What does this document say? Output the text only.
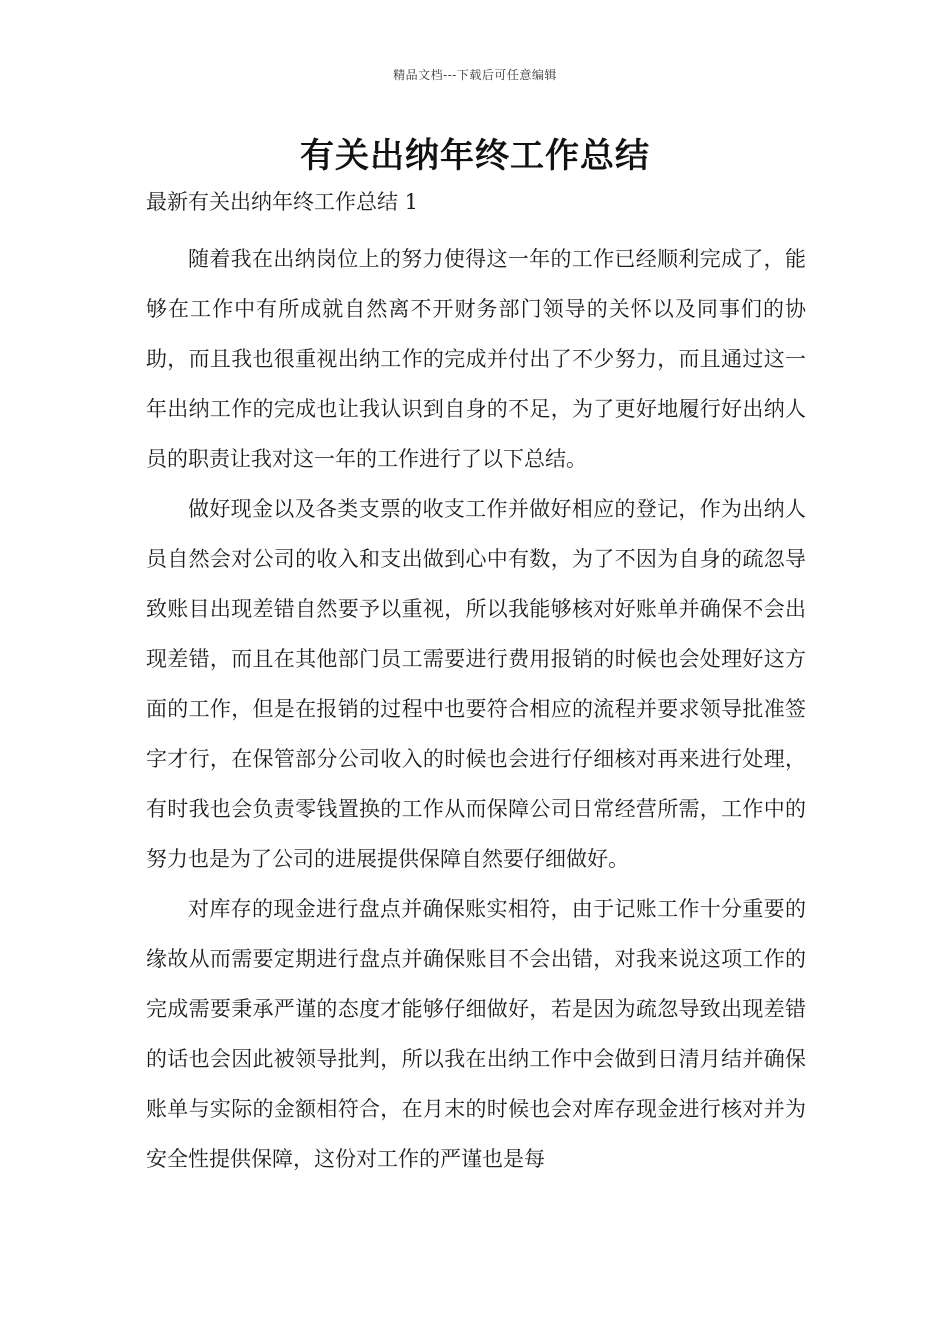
精品文档---下载后可任意编辑
有关出纳年终工作总结

最新有关出纳年终工作总结 1

随着我在出纳岗位上的努力使得这一年的工作已经顺利完成了，能够在工作中有所成就自然离不开财务部门领导的关怀以及同事们的协助，而且我也很重视出纳工作的完成并付出了不少努力，而且通过这一年出纳工作的完成也让我认识到自身的不足，为了更好地履行好出纳人员的职责让我对这一年的工作进行了以下总结。

做好现金以及各类支票的收支工作并做好相应的登记，作为出纳人员自然会对公司的收入和支出做到心中有数，为了不因为自身的疏忽导致账目出现差错自然要予以重视，所以我能够核对好账单并确保不会出现差错，而且在其他部门员工需要进行费用报销的时候也会处理好这方面的工作，但是在报销的过程中也要符合相应的流程并要求领导批准签字才行，在保管部分公司收入的时候也会进行仔细核对再来进行处理，有时我也会负责零钱置换的工作从而保障公司日常经营所需，工作中的努力也是为了公司的进展提供保障自然要仔细做好。

对库存的现金进行盘点并确保账实相符，由于记账工作十分重要的缘故从而需要定期进行盘点并确保账目不会出错，对我来说这项工作的完成需要秉承严谨的态度才能够仔细做好，若是因为疏忽导致出现差错的话也会因此被领导批判，所以我在出纳工作中会做到日清月结并确保账单与实际的金额相符合，在月末的时候也会对库存现金进行核对并为安全性提供保障，这份对工作的严谨也是每
